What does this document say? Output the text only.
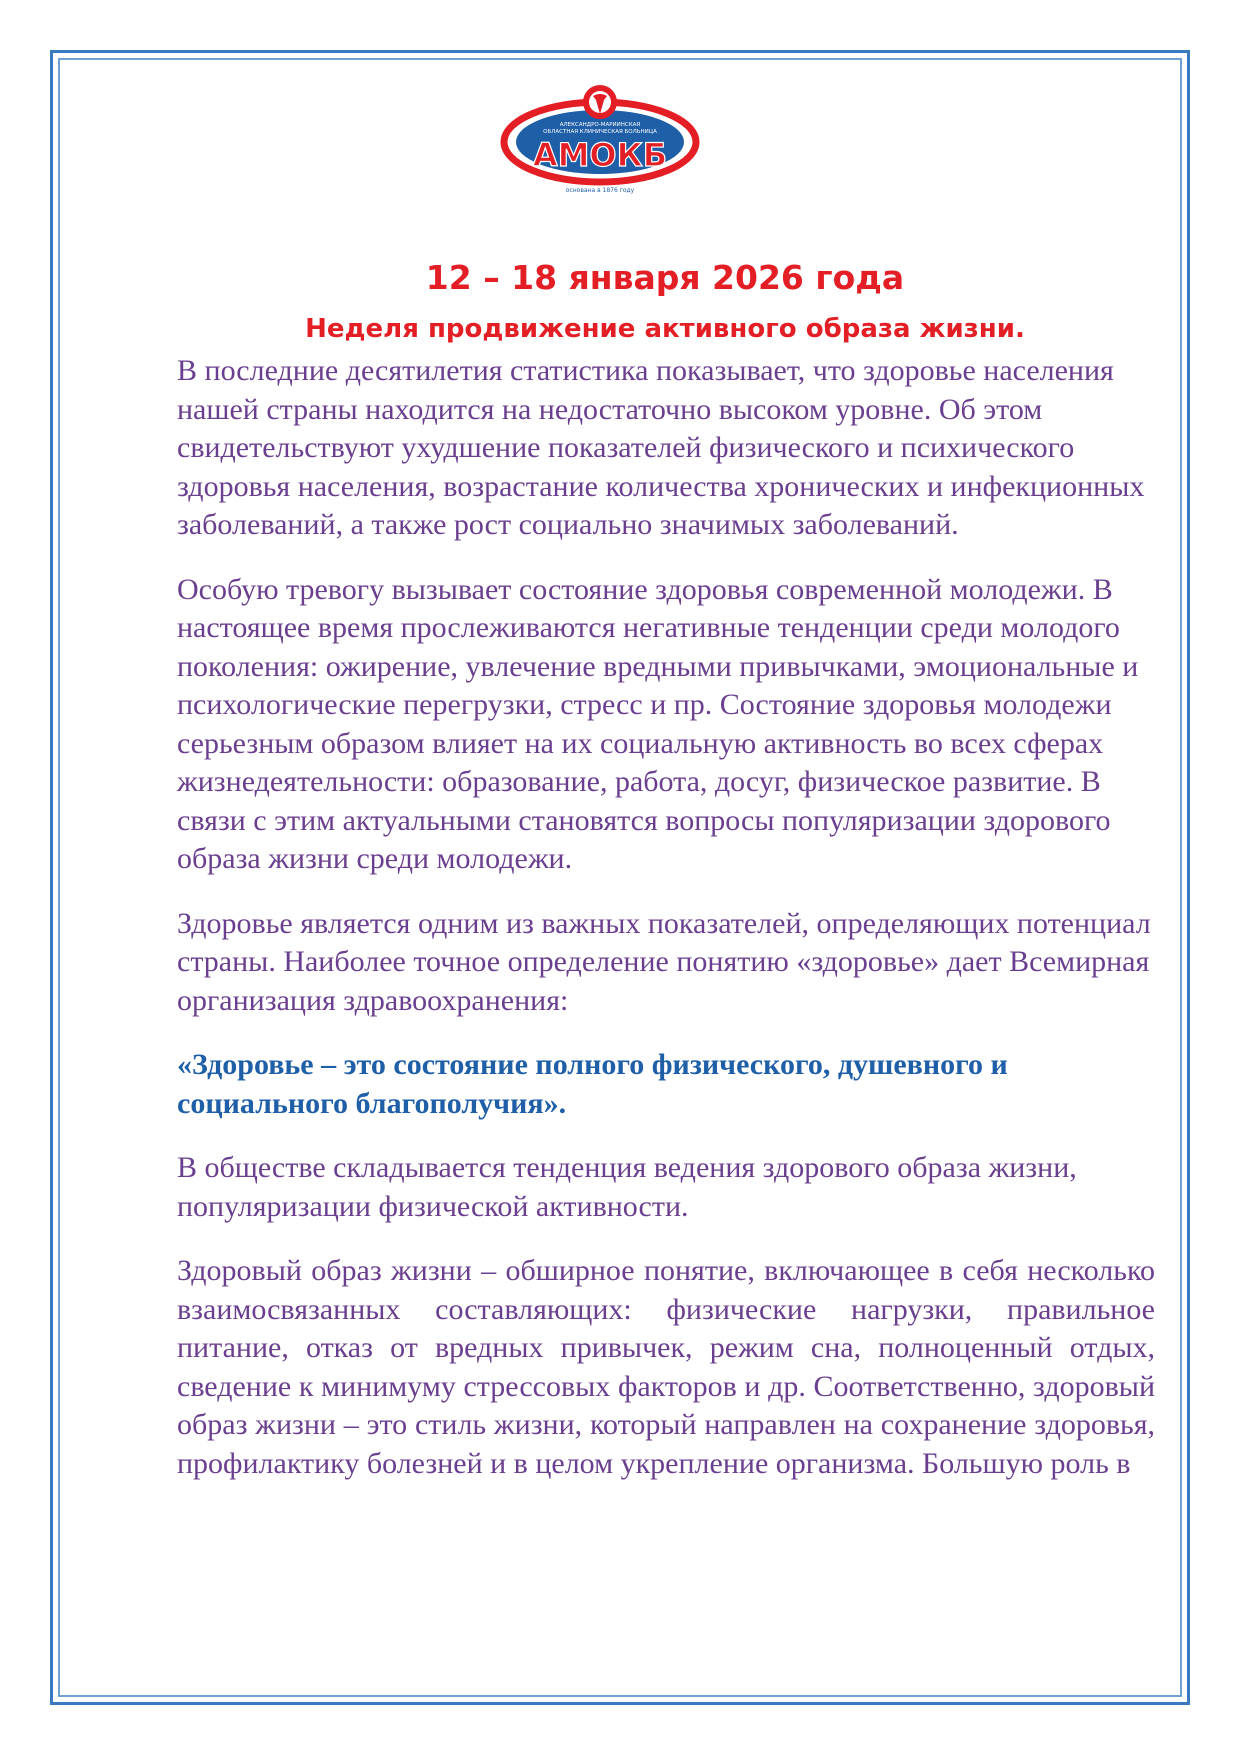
АЛЕКСАНДРО-МАРИИНСКАЯ
ОБЛАСТНАЯ КЛИНИЧЕСКАЯ БОЛЬНИЦА
АМОКБ
основана в 1876 году
12 – 18 января 2026 года
Неделя продвижение активного образа жизни.

В последние десятилетия статистика показывает, что здоровье населения нашей страны находится на недостаточно высоком уровне. Об этом свидетельствуют ухудшение показателей физического и психического здоровья населения, возрастание количества хронических и инфекционных заболеваний, а также рост социально значимых заболеваний.

Особую тревогу вызывает состояние здоровья современной молодежи. В настоящее время прослеживаются негативные тенденции среди молодого поколения: ожирение, увлечение вредными привычками, эмоциональные и психологические перегрузки, стресс и пр. Состояние здоровья молодежи серьезным образом влияет на их социальную активность во всех сферах жизнедеятельности: образование, работа, досуг, физическое развитие. В связи с этим актуальными становятся вопросы популяризации здорового образа жизни среди молодежи.

Здоровье является одним из важных показателей, определяющих потенциал страны. Наиболее точное определение понятию «здоровье» дает Всемирная организация здравоохранения:

«Здоровье – это состояние полного физического, душевного и социального благополучия».

В обществе складывается тенденция ведения здорового образа жизни, популяризации физической активности.

Здоровый образ жизни – обширное понятие, включающее в себя несколько взаимосвязанных составляющих: физические нагрузки, правильное питание, отказ от вредных привычек, режим сна, полноценный отдых, сведение к минимуму стрессовых факторов и др. Соответственно, здоровый образ жизни – это стиль жизни, который направлен на сохранение здоровья, профилактику болезней и в целом укрепление организма. Большую роль в
